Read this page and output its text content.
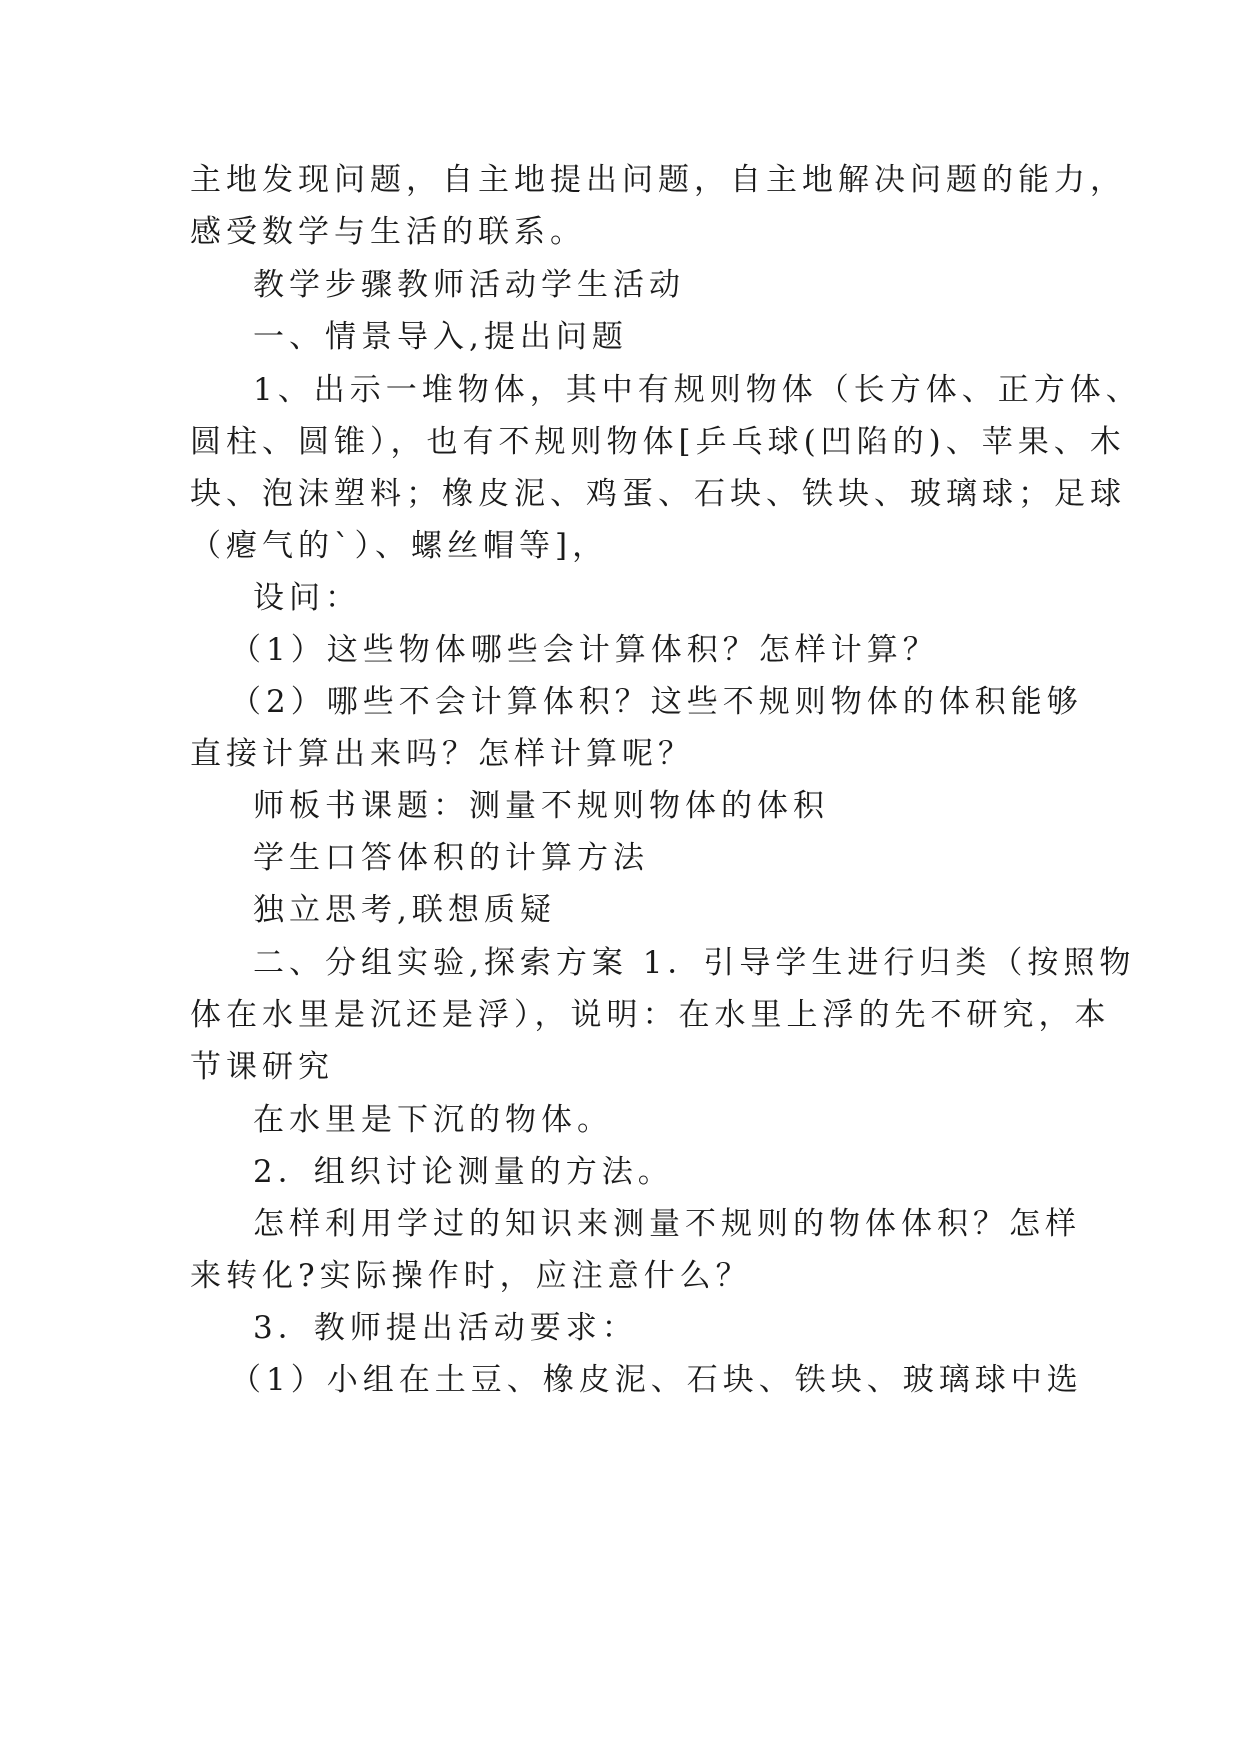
主地发现问题，自主地提出问题，自主地解决问题的能力，
感受数学与生活的联系。
教学步骤教师活动学生活动
一、情景导入,提出问题
1、出示一堆物体，其中有规则物体（长方体、正方体、
圆柱、圆锥），也有不规则物体[乒乓球(凹陷的)、苹果、木
块、泡沫塑料；橡皮泥、鸡蛋、石块、铁块、玻璃球；足球
（瘪气的`）、螺丝帽等]，
设问：
（1）这些物体哪些会计算体积？怎样计算？
（2）哪些不会计算体积？这些不规则物体的体积能够
直接计算出来吗？怎样计算呢？
师板书课题：测量不规则物体的体积
学生口答体积的计算方法
独立思考,联想质疑
二、分组实验,探索方案 1．引导学生进行归类（按照物
体在水里是沉还是浮），说明：在水里上浮的先不研究，本
节课研究
在水里是下沉的物体。
2．组织讨论测量的方法。
怎样利用学过的知识来测量不规则的物体体积？怎样
来转化?实际操作时，应注意什么？
3．教师提出活动要求：
（1）小组在土豆、橡皮泥、石块、铁块、玻璃球中选
